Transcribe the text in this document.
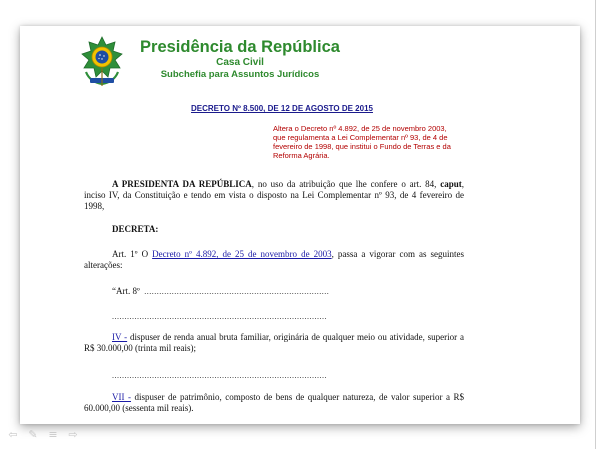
Presidência da República
Casa Civil
Subchefia para Assuntos Jurídicos
DECRETO Nº 8.500, DE 12 DE AGOSTO DE 2015
Altera o Decreto nº 4.892, de 25 de novembro 2003, que regulamenta a Lei Complementar nº 93, de 4 de fevereiro de 1998, que institui o Fundo de Terras e da Reforma Agrária.
A PRESIDENTA DA REPÚBLICA, no uso da atribuição que lhe confere o art. 84, caput, inciso IV, da Constituição e tendo em vista o disposto na Lei Complementar nº 93, de 4 fevereiro de 1998,
DECRETA:
Art. 1º O Decreto nº 4.892, de 25 de novembro de 2003, passa a vigorar com as seguintes alterações:
“Art. 8º ..........................................................................
......................................................................................
IV - dispuser de renda anual bruta familiar, originária de qualquer meio ou atividade, superior a R$ 30.000,00 (trinta mil reais);
......................................................................................
VII - dispuser de patrimônio, composto de bens de qualquer natureza, de valor superior a R$ 60.000,00 (sessenta mil reais).
⇦ ✎ ≡ ⇨
